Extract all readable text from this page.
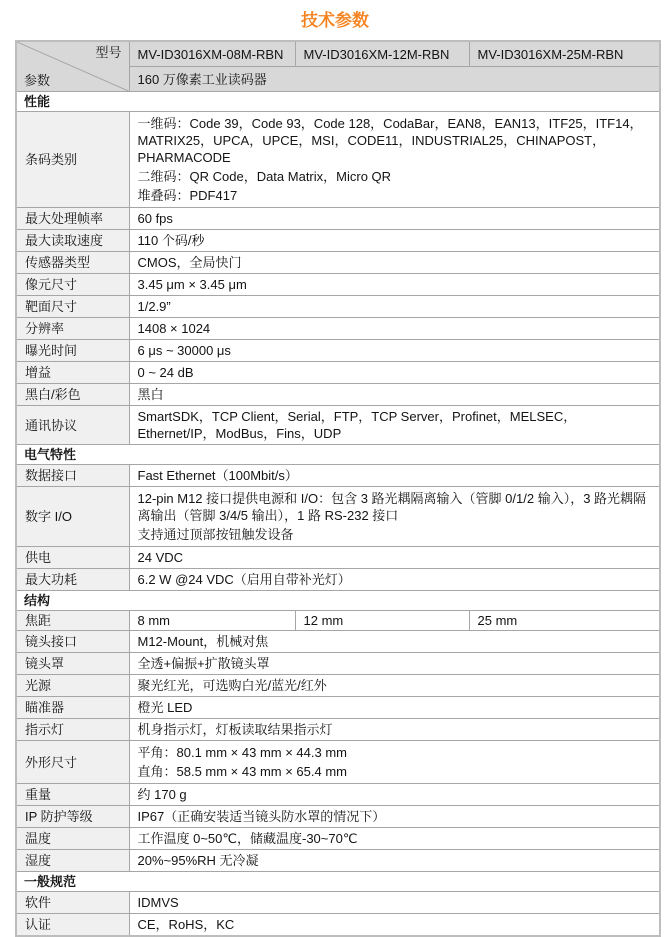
技术参数
型号
参数	MV-ID3016XM-08M-RBN	MV-ID3016XM-12M-RBN	MV-ID3016XM-25M-RBN
	160 万像素工业读码器		
性能			
条码类别	一维码：Code 39，Code 93，Code 128，CodaBar，EAN8，EAN13，ITF25，ITF14，MATRIX25，UPCA，UPCE，MSI，CODE11，INDUSTRIAL25，CHINAPOST，PHARMACODE
二维码：QR Code，Data Matrix，Micro QR
堆叠码：PDF417		

最大处理帧率	60 fps		

最大读取速度	110 个码/秒		

传感器类型	CMOS，全局快门		

像元尺寸	3.45 μm × 3.45 μm		

靶面尺寸	1/2.9”		

分辨率	1408 × 1024		

曝光时间	6 μs ~ 30000 μs		

增益	0 ~ 24 dB		

黑白/彩色	黑白		

通讯协议	SmartSDK，TCP Client，Serial，FTP，TCP Server，Profinet，MELSEC，Ethernet/IP，ModBus，Fins，UDP		

电气特性			
数据接口	Fast Ethernet（100Mbit/s）		

数字 I/O	12-pin M12 接口提供电源和 I/O：包含 3 路光耦隔离输入（管脚 0/1/2 输入），3 路光耦隔离输出（管脚 3/4/5 输出），1 路 RS-232 接口
支持通过顶部按钮触发设备		

供电	24 VDC		

最大功耗	6.2 W @24 VDC（启用自带补光灯）		

结构			
焦距	8 mm	12 mm	25 mm
镜头接口	M12-Mount，机械对焦		

镜头罩	全透+偏振+扩散镜头罩		

光源	聚光红光，可选购白光/蓝光/红外		

瞄准器	橙光 LED		

指示灯	机身指示灯，灯板读取结果指示灯		

外形尺寸	平角：80.1 mm × 43 mm × 44.3 mm
直角：58.5 mm × 43 mm × 65.4 mm		

重量	约 170 g		

IP 防护等级	IP67（正确安装适当镜头防水罩的情况下）		

温度	工作温度 0~50℃，储藏温度-30~70℃		

湿度	20%~95%RH 无冷凝		

一般规范			
软件	IDMVS		

认证	CE，RoHS，KC		
